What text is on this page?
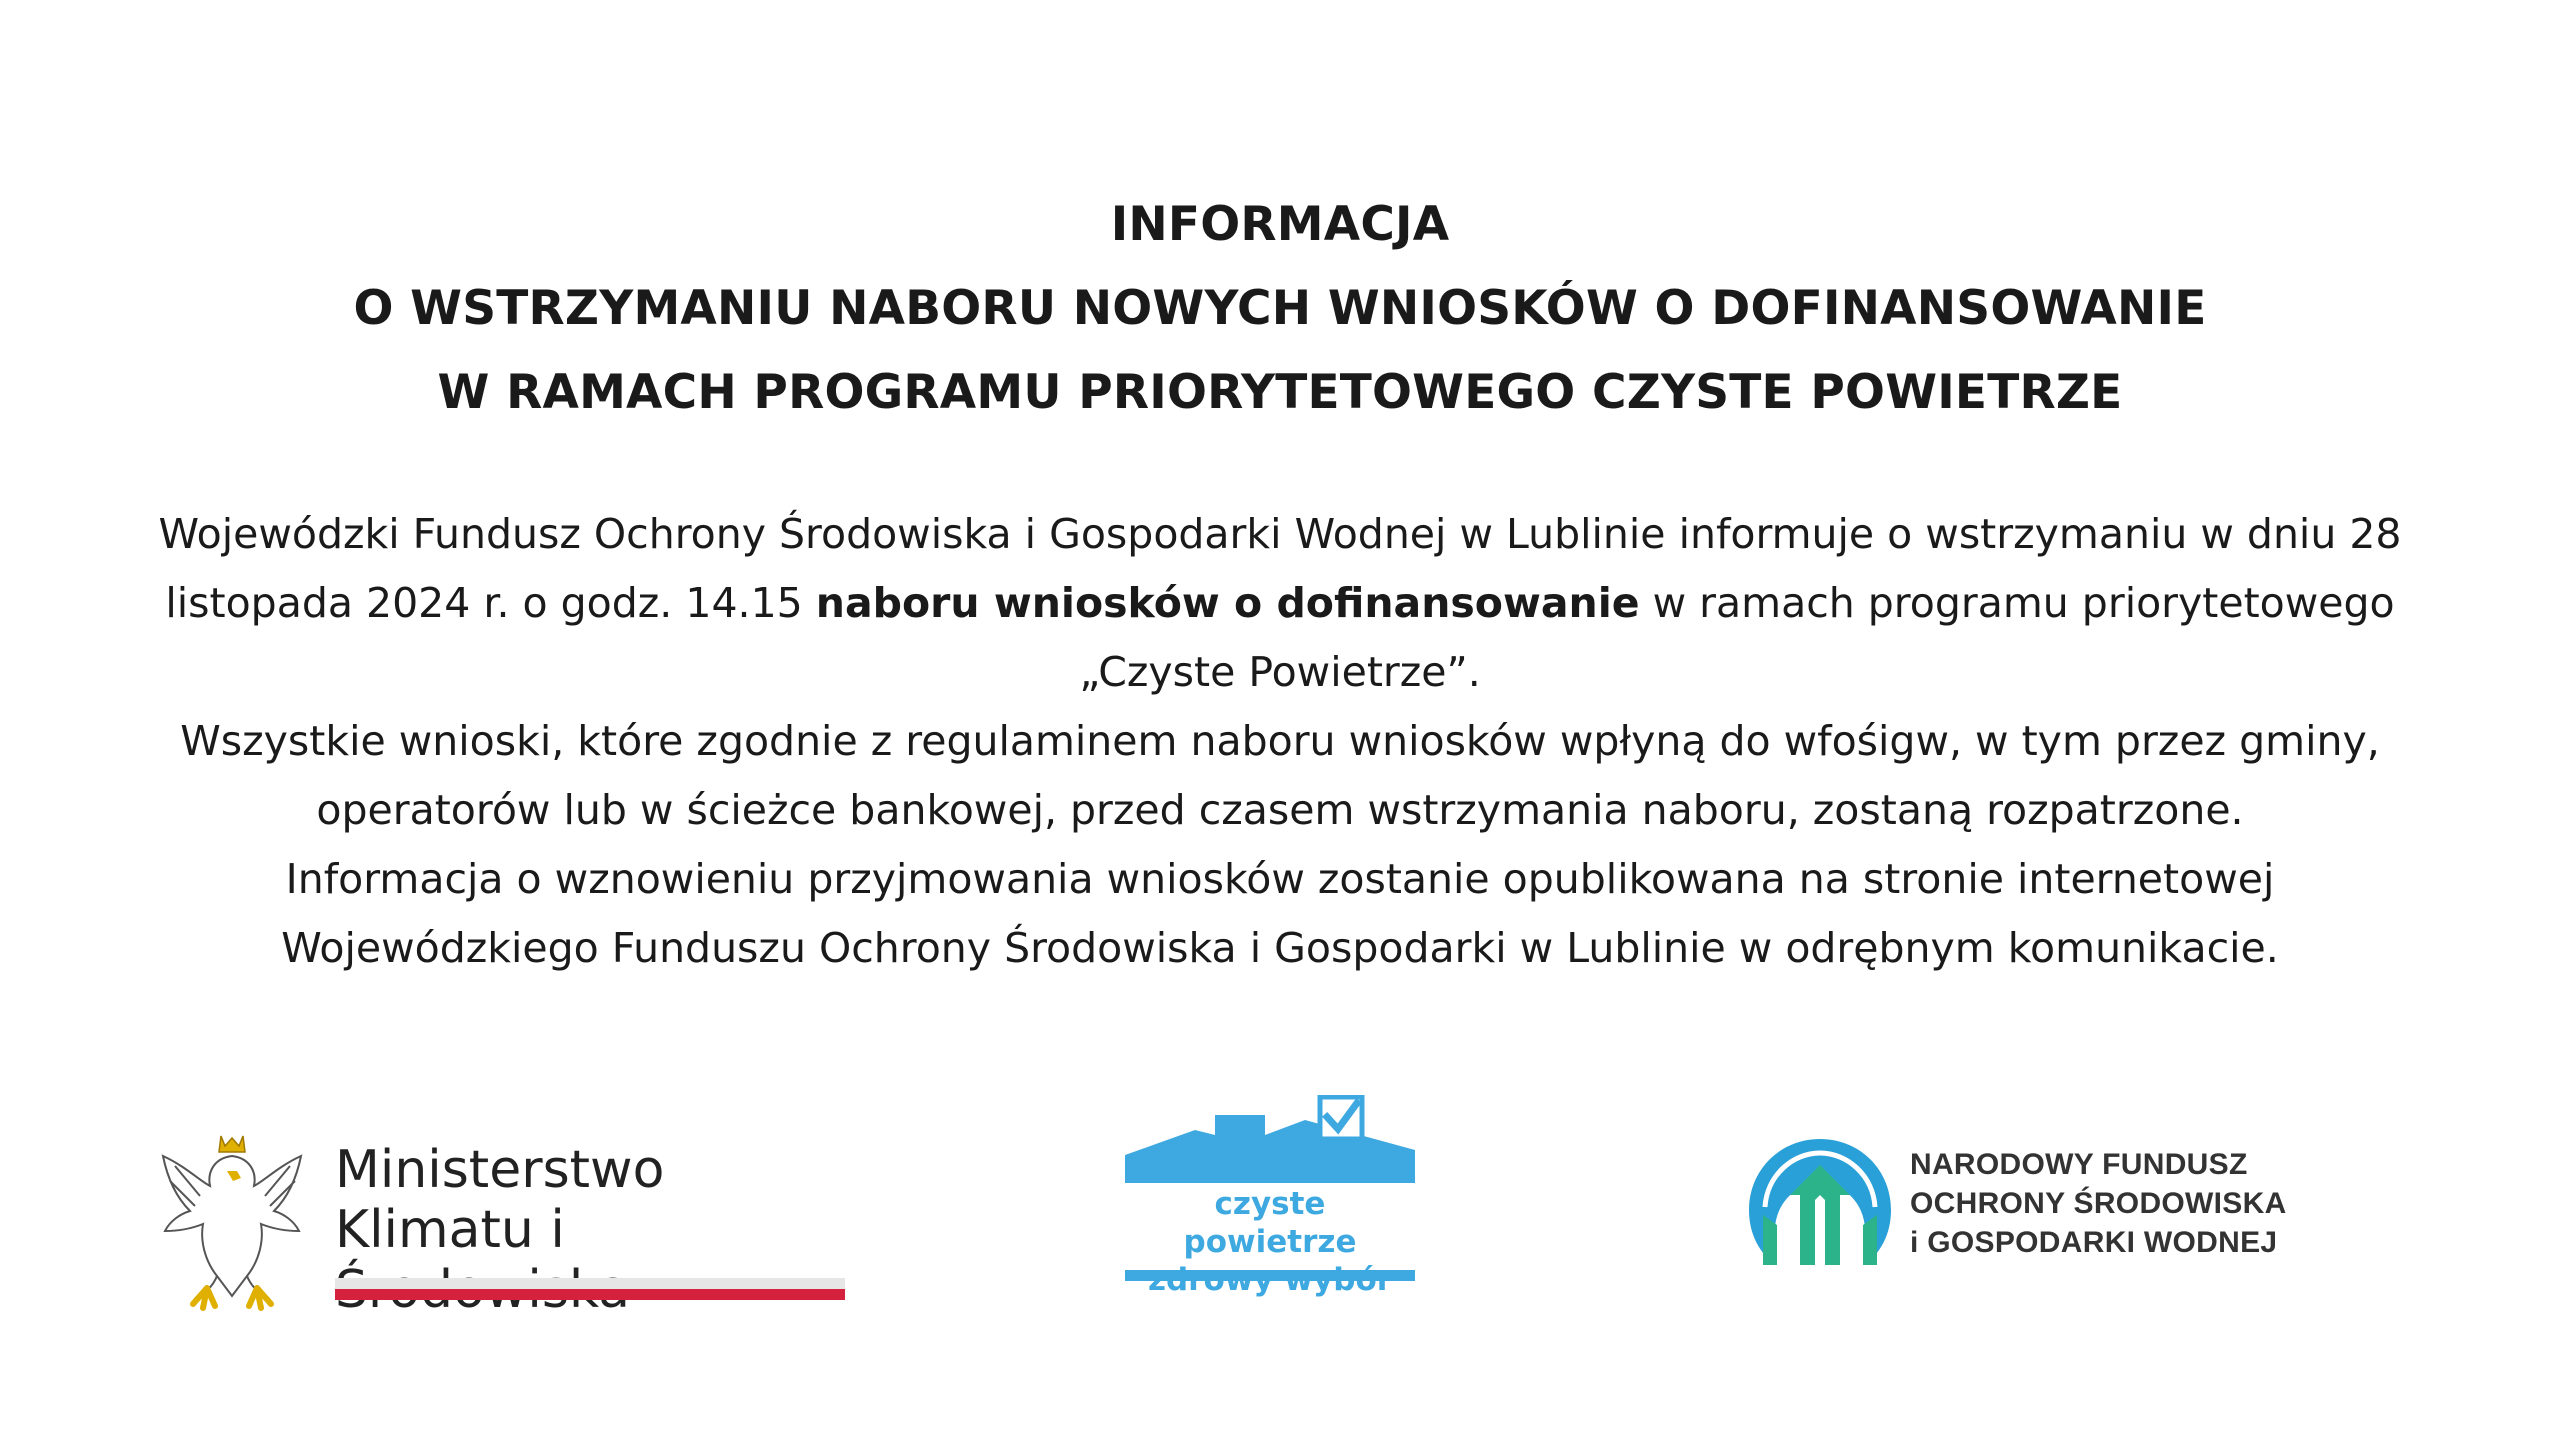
INFORMACJA
O WSTRZYMANIU NABORU NOWYCH WNIOSKÓW O DOFINANSOWANIE
W RAMACH PROGRAMU PRIORYTETOWEGO CZYSTE POWIETRZE
Wojewódzki Fundusz Ochrony Środowiska i Gospodarki Wodnej w Lublinie informuje o wstrzymaniu w dniu 28 listopada 2024 r. o godz. 14.15 naboru wniosków o dofinansowanie w ramach programu priorytetowego „Czyste Powietrze”.
Wszystkie wnioski, które zgodnie z regulaminem naboru wniosków wpłyną do wfośigw, w tym przez gminy, operatorów lub w ścieżce bankowej, przed czasem wstrzymania naboru, zostaną rozpatrzone.
Informacja o wznowieniu przyjmowania wniosków zostanie opublikowana na stronie internetowej Wojewódzkiego Funduszu Ochrony Środowiska i Gospodarki w Lublinie w odrębnym komunikacie.
Ministerstwo
Klimatu i	czyste powietrze
NARODOWY FUNDUSZ
OCHRONY ŚRODOWISKA
i GOSPODARKI WODNEJ
